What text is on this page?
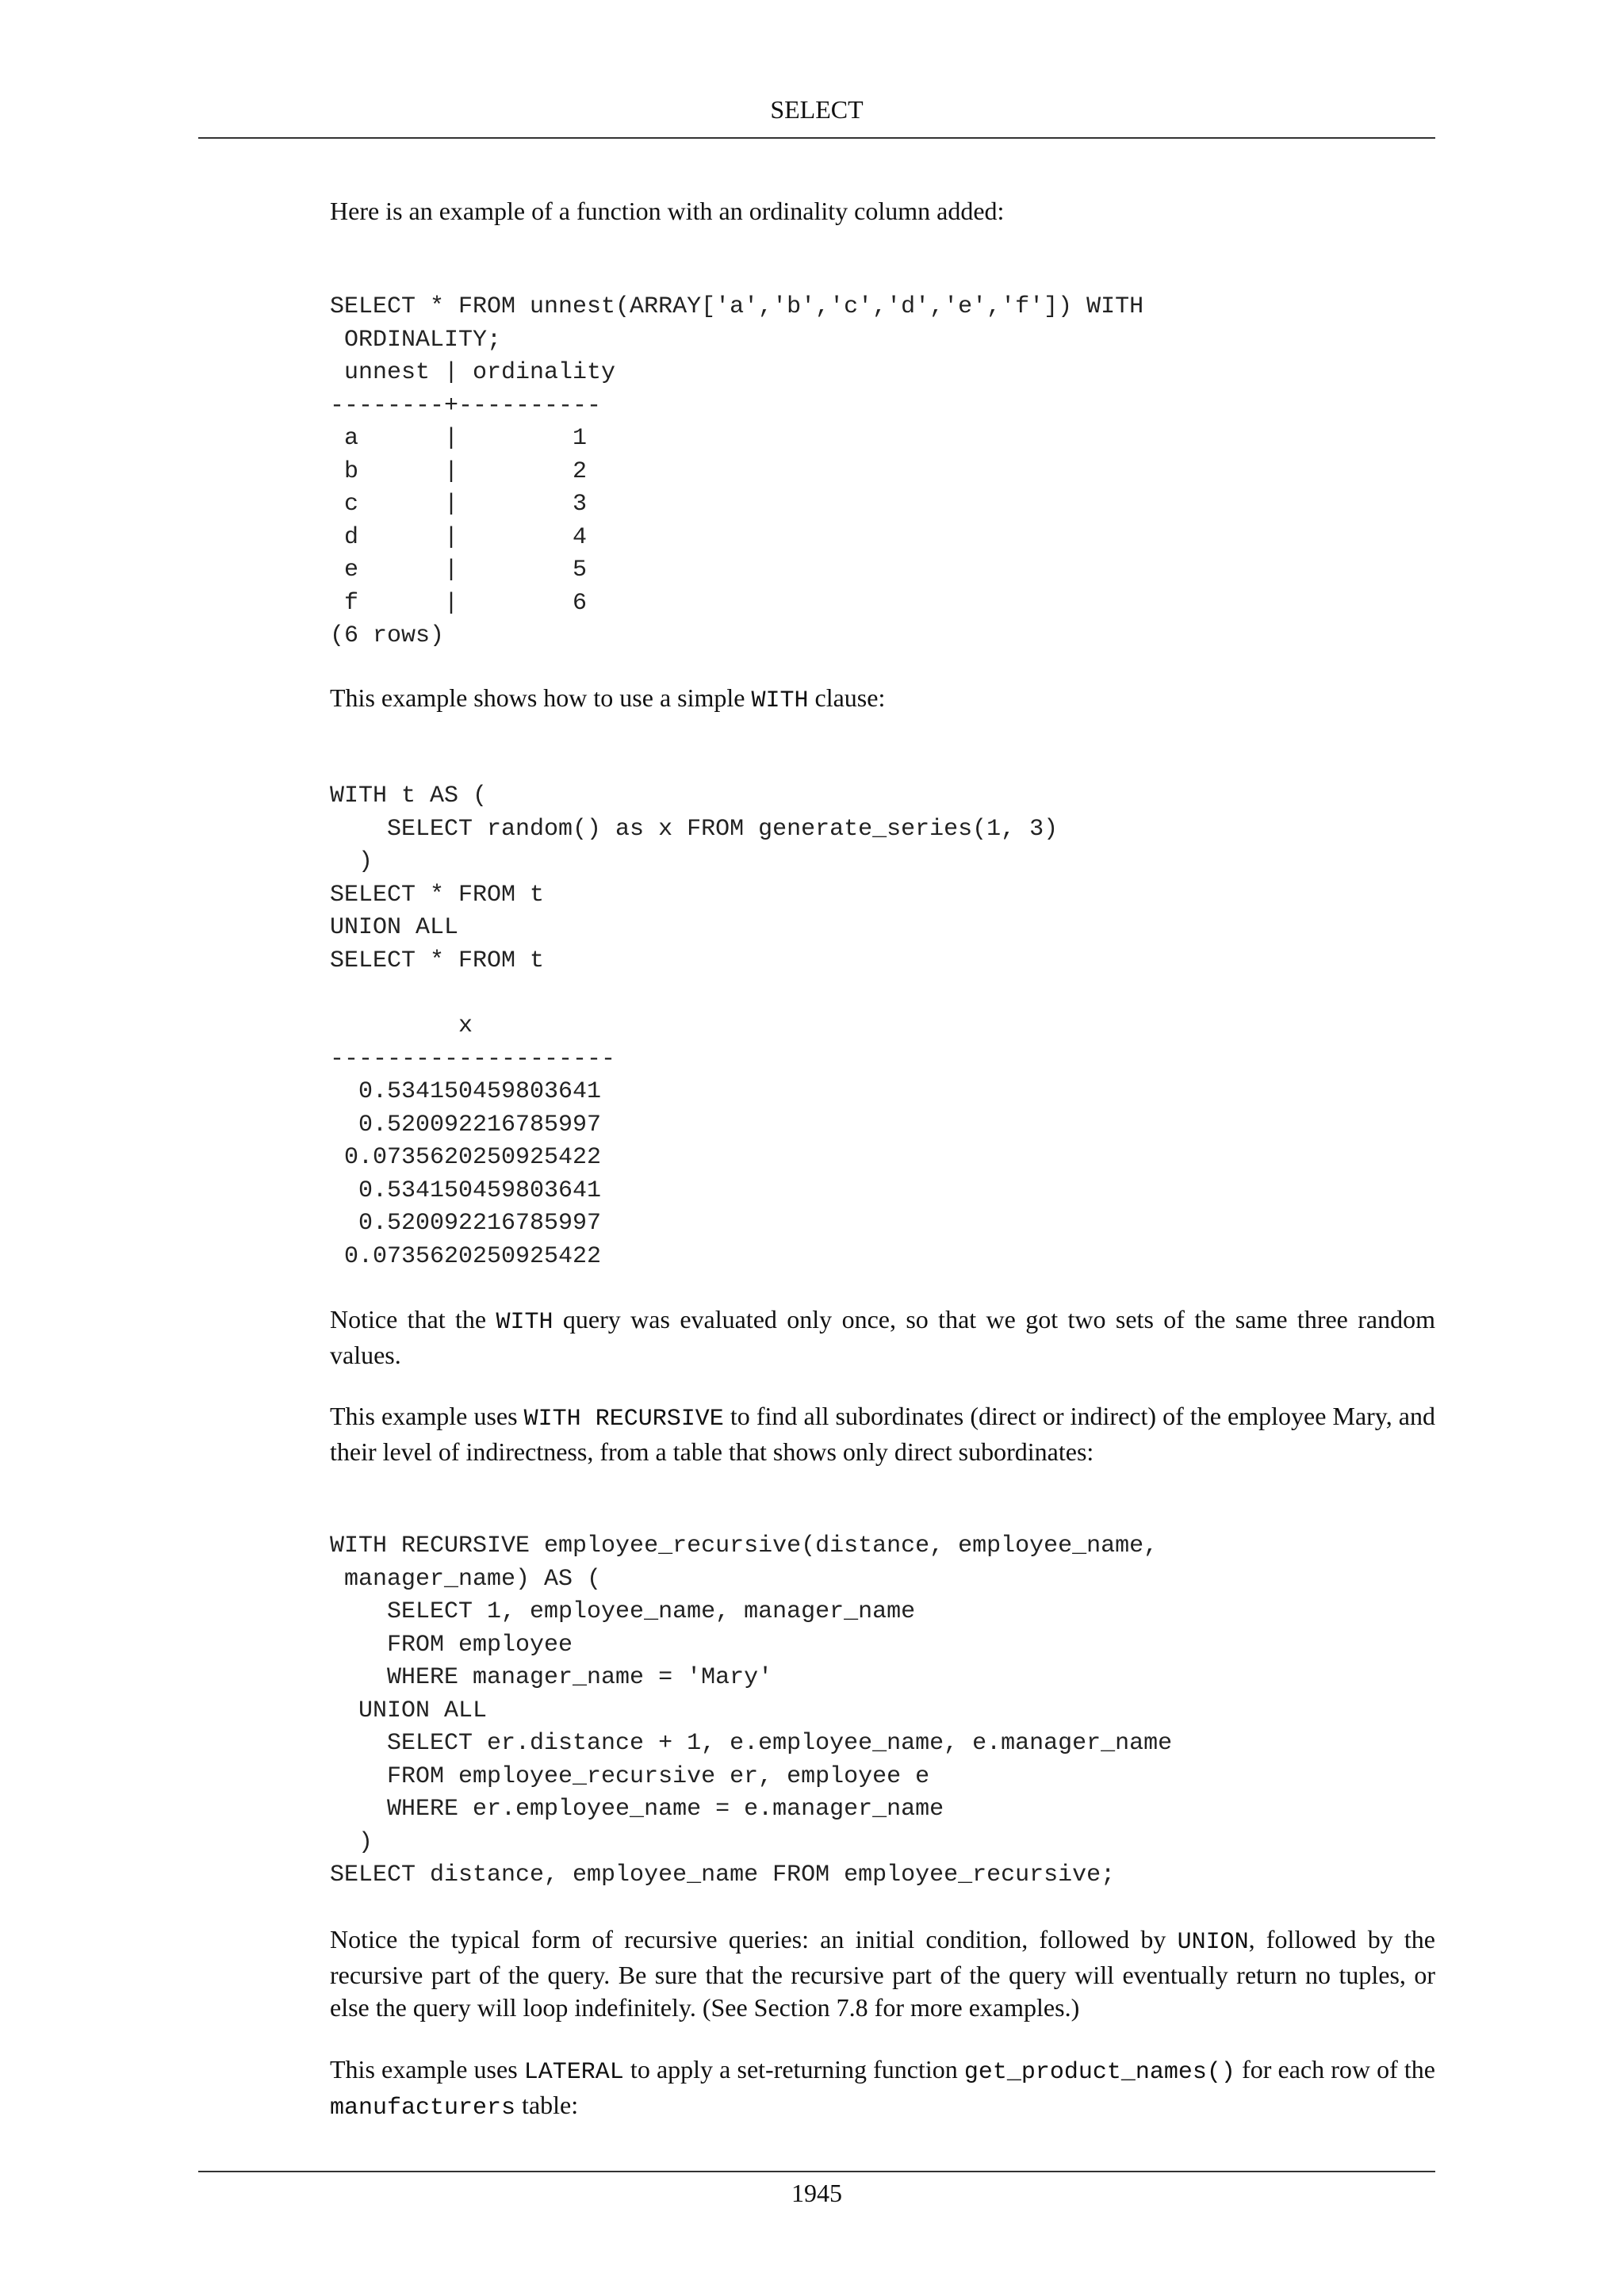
SELECT

Here is an example of a function with an ordinality column added:

SELECT * FROM unnest(ARRAY['a','b','c','d','e','f']) WITH
ORDINALITY;
unnest | ordinality
--------+----------
a      |        1
b      |        2
c      |        3
d      |        4
e      |        5
f      |        6
(6 rows)

This example shows how to use a simple WITH clause:

WITH t AS (
SELECT random() as x FROM generate_series(1, 3)
)
SELECT * FROM t
UNION ALL
SELECT * FROM t
x
--------------------
0.534150459803641
0.520092216785997
0.0735620250925422
0.534150459803641
0.520092216785997
0.0735620250925422

Notice that the WITH query was evaluated only once, so that we got two sets of the same three random values.

This example uses WITH RECURSIVE to find all subordinates (direct or indirect) of the employee Mary, and their level of indirectness, from a table that shows only direct subordinates:

WITH RECURSIVE employee_recursive(distance, employee_name,
manager_name) AS (
SELECT 1, employee_name, manager_name
FROM employee
WHERE manager_name = 'Mary'
UNION ALL
SELECT er.distance + 1, e.employee_name, e.manager_name
FROM employee_recursive er, employee e
WHERE er.employee_name = e.manager_name
)
SELECT distance, employee_name FROM employee_recursive;

Notice the typical form of recursive queries: an initial condition, followed by UNION, followed by the recursive part of the query. Be sure that the recursive part of the query will eventually return no tuples, or else the query will loop indefinitely. (See Section 7.8 for more examples.)

This example uses LATERAL to apply a set-returning function get_product_names() for each row of the manufacturers table:

1945
